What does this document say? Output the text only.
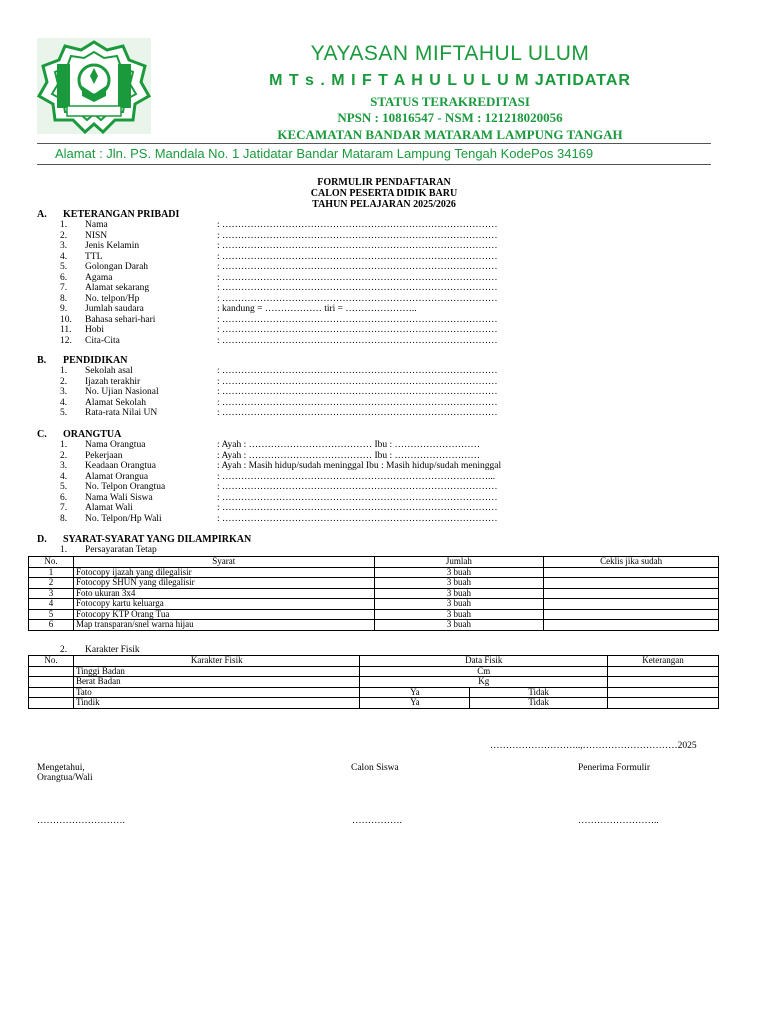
YAYASAN MIFTAHUL ULUM
M T s . M I F T A H U L U L U M JATIDATAR
STATUS TERAKREDITASI
NPSN : 10816547 - NSM : 121218020056
KECAMATAN BANDAR MATARAM LAMPUNG TANGAH
Alamat : Jln. PS. Mandala No. 1 Jatidatar Bandar Mataram Lampung Tengah KodePos 34169
FORMULIR PENDAFTARAN
CALON PESERTA DIDIK BARU
TAHUN PELAJARAN 2025/2026
A. KETERANGAN PRIBADI
1. Nama	: ……………………………………………………………………………
2. NISN	: ……………………………………………………………………………
3. Jenis Kelamin	: ……………………………………………………………………………
4. TTL	: ……………………………………………………………………………
5. Golongan Darah	: ……………………………………………………………………………
6. Agama	: ……………………………………………………………………………
7. Alamat sekarang	: ……………………………………………………………………………
8. No. telpon/Hp	: ……………………………………………………………………………
9. Jumlah saudara	: kandung = ……………… tiri = …………………..
10. Bahasa sehari-hari	: ……………………………………………………………………………
11. Hobi	: ……………………………………………………………………………
12. Cita-Cita	: ……………………………………………………………………………
B. PENDIDIKAN
1. Sekolah asal	: ……………………………………………………………………………
2. Ijazah terakhir	: ……………………………………………………………………………
3. No. Ujian Nasional	: ……………………………………………………………………………
4. Alamat Sekolah	: ……………………………………………………………………………
5. Rata-rata Nilai UN	: ……………………………………………………………………………
C. ORANGTUA
1. Nama Orangtua	: Ayah : ………………………………… Ibu : ………………………
2. Pekerjaan	: Ayah : ………………………………… Ibu : ………………………
3. Keadaan Orangtua	: Ayah : Masih hidup/sudah meninggal Ibu : Masih hidup/sudah meninggal
4. Alamat Orangua	: …………………………………………………………………………...
5. No. Telpon Orangtua	: ……………………………………………………………………………
6. Nama Wali Siswa	: ……………………………………………………………………………
7. Alamat Wali	: ……………………………………………………………………………
8. No. Telpon/Hp Wali	: ……………………………………………………………………………
D. SYARAT-SYARAT YANG DILAMPIRKAN
1. Persayaratan Tetap
No.	Syarat	Jumlah	Ceklis jika sudah
1	Fotocopy ijazah yang dilegalisir	3 buah	
2	Fotocopy SHUN yang dilegalisir	3 buah	
3	Foto ukuran 3x4	3 buah	
4	Fotocopy kartu keluarga	3 buah	
5	Fotocopy KTP Orang Tua	3 buah	
6	Map transparan/snel warna hijau	3 buah	
2. Karakter Fisik
No.	Karakter Fisik	Data Fisik		Keterangan
	Tinggi Badan	Cm		
	Berat Badan	Kg		
	Tato	Ya	Tidak	
	Tindik	Ya	Tidak	
………………………..,…………………………2025
Mengetahui,
Orangtua/Wali
Calon Siswa	Penerima Formulir
……………………….	…………….	……………………..
